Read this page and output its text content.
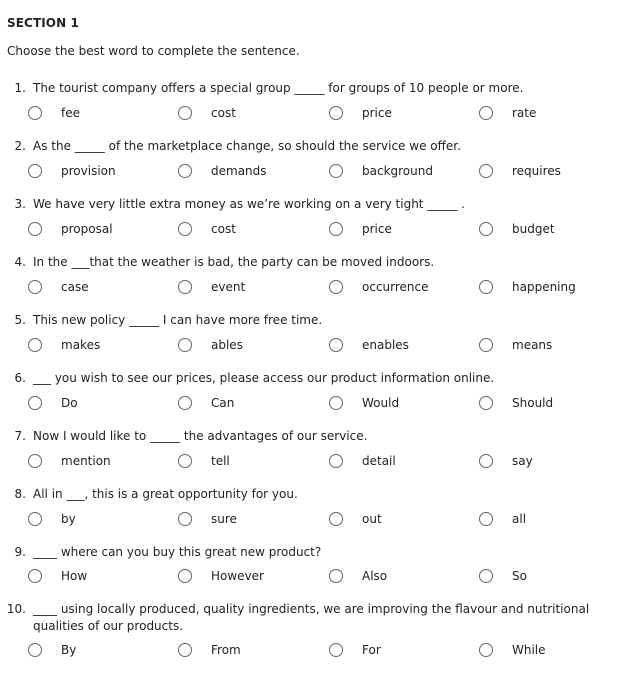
SECTION 1
Choose the best word to complete the sentence.
1. The tourist company offers a special group _____ for groups of 10 people or more.
fee	cost	price	rate
2. As the _____ of the marketplace change, so should the service we offer.
provision	demands	background	requires
3. We have very little extra money as we’re working on a very tight _____ .
proposal	cost	price	budget
4. In the ___that the weather is bad, the party can be moved indoors.
case	event	occurrence	happening
5. This new policy _____ I can have more free time.
makes	ables	enables	means
6. ___ you wish to see our prices, please access our product information online.
Do	Can	Would	Should
7. Now I would like to _____ the advantages of our service.
mention	tell	detail	say
8. All in ___, this is a great opportunity for you.
by	sure	out	all
9. ____ where can you buy this great new product?
How	However	Also	So
10. ____ using locally produced, quality ingredients, we are improving the flavour and nutritional qualities of our products.
By	From	For	While
